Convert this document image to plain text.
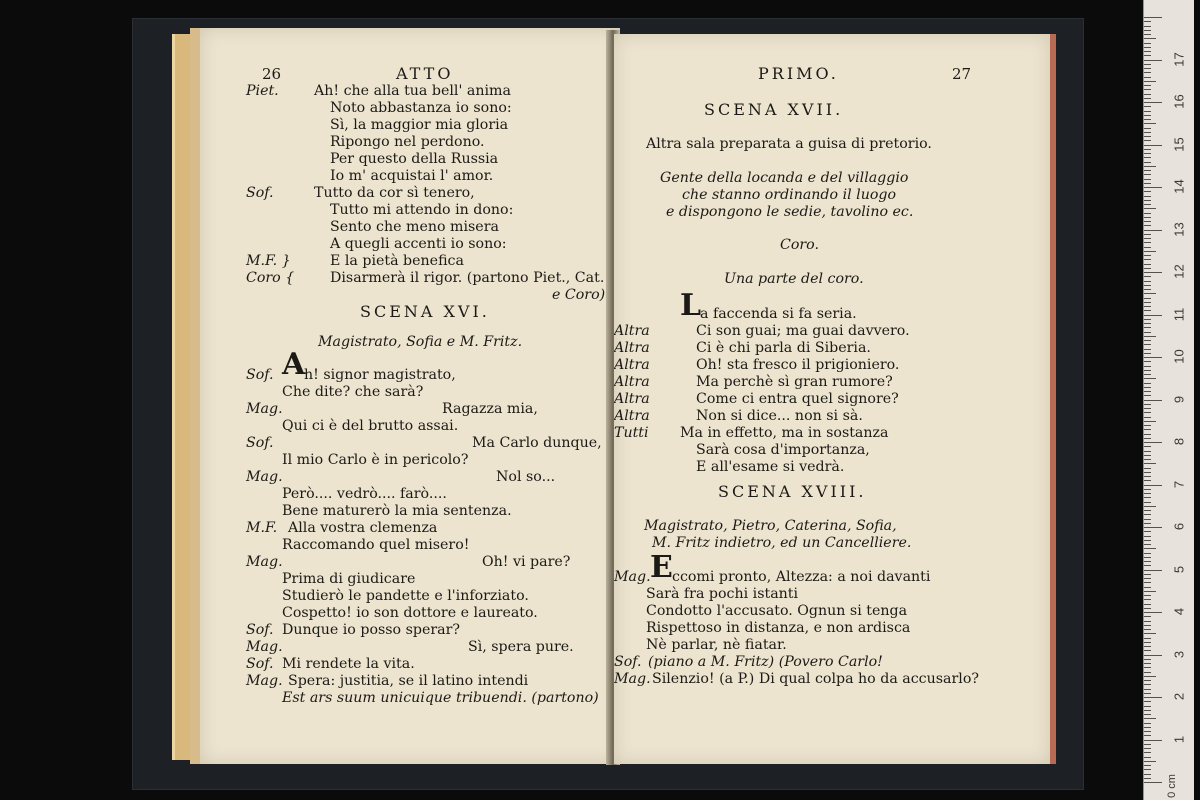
26	ATTO
Piet. Ah! che alla tua bell' anima
Noto abbastanza io sono:
Sì, la maggior mia gloria
Ripongo nel perdono.
Per questo della Russia
Io m' acquistai l' amor.
Sof.	Tutto da cor sì tenero,
Tutto mi attendo in dono:
Sento che meno misera
A quegli accenti io sono:
M.F. }	E la pietà benefica
Coro {	Disarmerà il rigor. (partono Piet., Cat.
e Coro)
SCENA XVI.
Magistrato, Sofia e M. Fritz.
Sof. A
h! signor magistrato,
Che dite? che sarà?
Mag.	Ragazza mia,
Qui ci è del brutto assai.
Sof.	Ma Carlo dunque,
Il mio Carlo è in pericolo?
Mag.	Nol so...
Però.... vedrò.... farò....
Bene maturerò la mia sentenza.
M.F. Alla vostra clemenza
Raccomando quel misero!
Mag.	Oh! vi pare?
Prima di giudicare
Studierò le pandette e l'inforziato.
Cospetto! io son dottore e laureato.
Sof. Dunque io posso sperar?
Mag.	Sì, spera pure.
Sof. Mi rendete la vita.
Mag. Spera: justitia, se il latino intendi
Est ars suum unicuique tribuendi. (partono)
PRIMO.	27
SCENA XVII.
Altra sala preparata a guisa di pretorio.
Gente della locanda e del villaggio
che stanno ordinando il luogo
e dispongono le sedie, tavolino ec.
Coro.
Una parte del coro.
L
a faccenda si fa seria.
Altra	Ci son guai; ma guai davvero.
Altra	Ci è chi parla di Siberia.
Altra	Oh! sta fresco il prigioniero.
Altra	Ma perchè sì gran rumore?
Altra	Come ci entra quel signore?
Altra	Non si dice... non si sà.
Tutti Ma in effetto, ma in sostanza
Sarà cosa d'importanza,
E all'esame si vedrà.
SCENA XVIII.
Magistrato, Pietro, Caterina, Sofia,
M. Fritz indietro, ed un Cancelliere.
Mag. E ccomi pronto, Altezza: a noi davanti
Sarà fra pochi istanti
Condotto l'accusato. Ognun si tenga
Rispettoso in distanza, e non ardisca
Nè parlar, nè fiatar.
Sof. (piano a M. Fritz) (Povero Carlo!
Mag. Silenzio! (a P.) Di qual colpa ho da accusarlo?
0 cm
1
2
3
4
5
6
7
8
9
10
11
12
13
14
15
16
17
